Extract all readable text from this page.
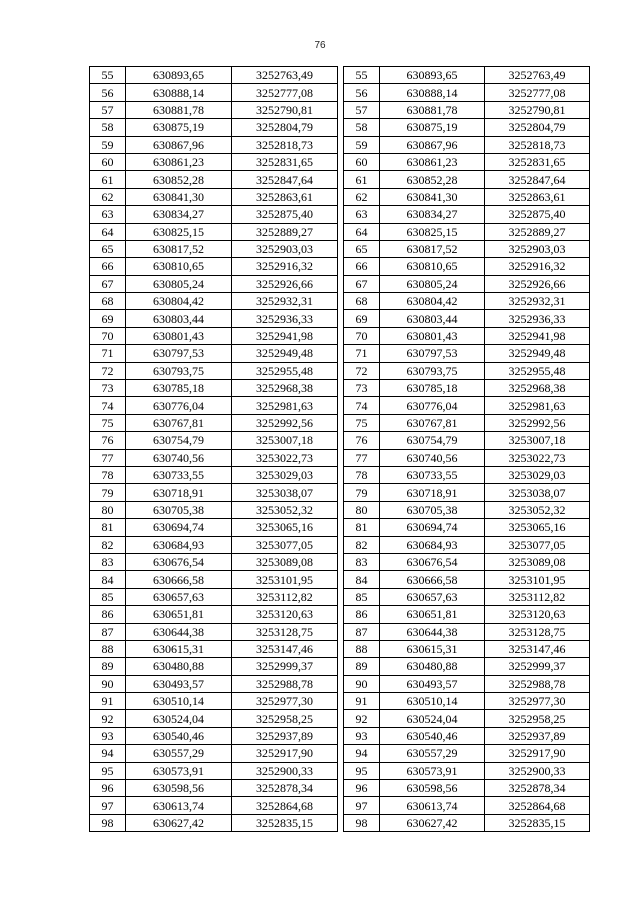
76
55	630893,65	3252763,49
56	630888,14	3252777,08
57	630881,78	3252790,81
58	630875,19	3252804,79
59	630867,96	3252818,73
60	630861,23	3252831,65
61	630852,28	3252847,64
62	630841,30	3252863,61
63	630834,27	3252875,40
64	630825,15	3252889,27
65	630817,52	3252903,03
66	630810,65	3252916,32
67	630805,24	3252926,66
68	630804,42	3252932,31
69	630803,44	3252936,33
70	630801,43	3252941,98
71	630797,53	3252949,48
72	630793,75	3252955,48
73	630785,18	3252968,38
74	630776,04	3252981,63
75	630767,81	3252992,56
76	630754,79	3253007,18
77	630740,56	3253022,73
78	630733,55	3253029,03
79	630718,91	3253038,07
80	630705,38	3253052,32
81	630694,74	3253065,16
82	630684,93	3253077,05
83	630676,54	3253089,08
84	630666,58	3253101,95
85	630657,63	3253112,82
86	630651,81	3253120,63
87	630644,38	3253128,75
88	630615,31	3253147,46
89	630480,88	3252999,37
90	630493,57	3252988,78
91	630510,14	3252977,30
92	630524,04	3252958,25
93	630540,46	3252937,89
94	630557,29	3252917,90
95	630573,91	3252900,33
96	630598,56	3252878,34
97	630613,74	3252864,68
98	630627,42	3252835,15
55	630893,65	3252763,49
56	630888,14	3252777,08
57	630881,78	3252790,81
58	630875,19	3252804,79
59	630867,96	3252818,73
60	630861,23	3252831,65
61	630852,28	3252847,64
62	630841,30	3252863,61
63	630834,27	3252875,40
64	630825,15	3252889,27
65	630817,52	3252903,03
66	630810,65	3252916,32
67	630805,24	3252926,66
68	630804,42	3252932,31
69	630803,44	3252936,33
70	630801,43	3252941,98
71	630797,53	3252949,48
72	630793,75	3252955,48
73	630785,18	3252968,38
74	630776,04	3252981,63
75	630767,81	3252992,56
76	630754,79	3253007,18
77	630740,56	3253022,73
78	630733,55	3253029,03
79	630718,91	3253038,07
80	630705,38	3253052,32
81	630694,74	3253065,16
82	630684,93	3253077,05
83	630676,54	3253089,08
84	630666,58	3253101,95
85	630657,63	3253112,82
86	630651,81	3253120,63
87	630644,38	3253128,75
88	630615,31	3253147,46
89	630480,88	3252999,37
90	630493,57	3252988,78
91	630510,14	3252977,30
92	630524,04	3252958,25
93	630540,46	3252937,89
94	630557,29	3252917,90
95	630573,91	3252900,33
96	630598,56	3252878,34
97	630613,74	3252864,68
98	630627,42	3252835,15
